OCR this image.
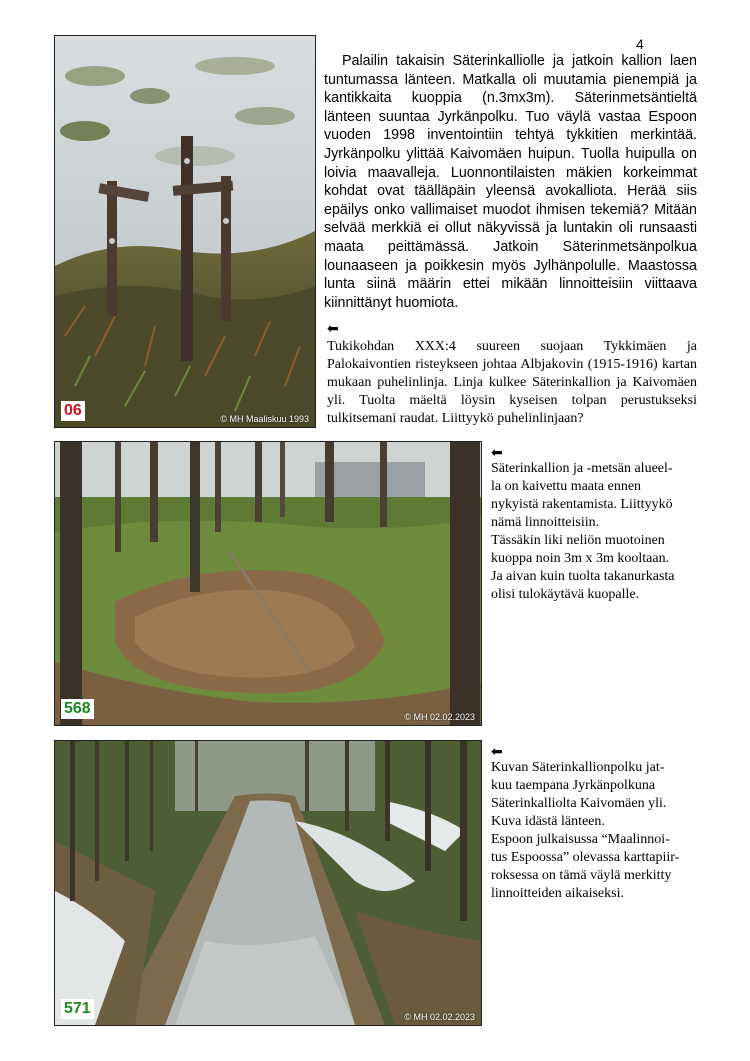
4
06	© MH Maaliskuu 1993

Palailin takaisin Säterinkalliolle ja jatkoin kallion laen tuntumassa länteen. Matkalla oli muutamia pienempiä ja kantikkaita kuoppia (n.3mx3m). Säterinmetsäntieltä länteen suuntaa Jyrkänpolku. Tuo väylä vastaa Espoon vuoden 1998 inventointiin tehtyä tykkitien merkintää. Jyrkänpolku ylittää Kaivomäen huipun. Tuolla huipulla on loivia maavalleja. Luonnontilaisten mäkien korkeimmat kohdat ovat täälläpäin yleensä avokalliota. Herää siis epäilys onko vallimaiset muodot ihmisen tekemiä? Mitään selvää merkkiä ei ollut näkyvissä ja luntakin oli runsaasti maata peittämässä. Jatkoin Säterinmetsänpolkua lounaaseen ja poikkesin myös Jylhänpolulle. Maastossa lunta siinä määrin ettei mikään linnoitteisiin viittaava kiinnittänyt huomiota.

⬅

Tukikohdan XXX:4 suureen suojaan Tykkimäen ja Palokaivontien risteykseen johtaa Albjakovin (1915-1916) kartan mukaan puhelinlinja. Linja kulkee Säterinkallion ja Kaivomäen yli. Tuolta mäeltä löysin kyseisen tolpan perustukseksi tulkitsemani raudat. Liittyykö puhelinlinjaan?

568	© MH 02.02.2023
⬅
Säterinkallion ja -metsän alueel-
la on kaivettu maata ennen
nykyistä rakentamista. Liittyykö
nämä linnoitteisiin.
Tässäkin liki neliön muotoinen
kuoppa noin 3m x 3m kooltaan.
Ja aivan kuin tuolta takanurkasta
olisi tulokäytävä kuopalle.
571	© MH 02.02.2023
⬅
Kuvan Säterinkallionpolku jat-
kuu taempana Jyrkänpolkuna
Säterinkalliolta Kaivomäen yli.
Kuva idästä länteen.
Espoon julkaisussa “Maalinnoi-
tus Espoossa” olevassa karttapiir-
roksessa on tämä väylä merkitty
linnoitteiden aikaiseksi.
